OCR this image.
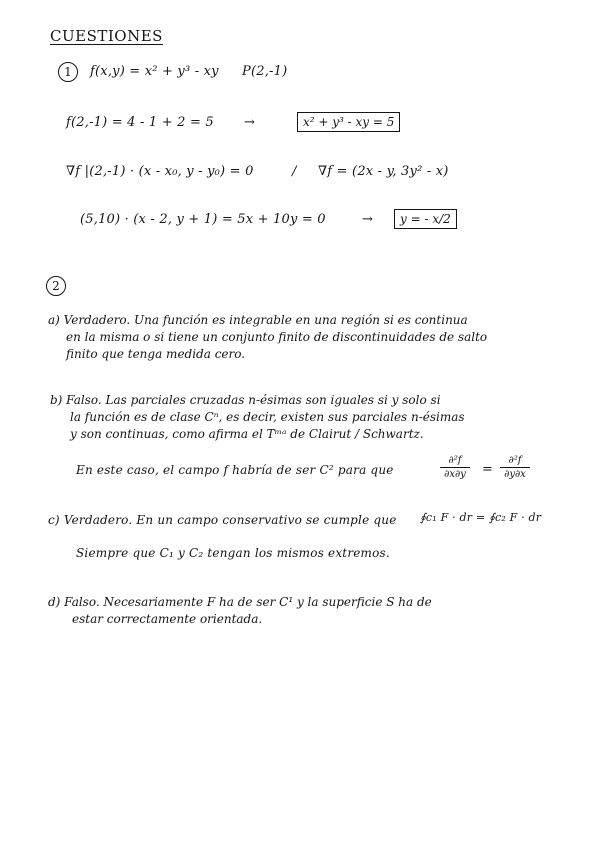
CUESTIONES
1	f(x,y) = x² + y³ - xy P(2,-1)
f(2,-1) = 4 - 1 + 2 = 5 →	x² + y³ - xy = 5
∇f |(2,-1) · (x - x₀, y - y₀) = 0	/ ∇f = (2x - y, 3y² - x)
(5,10) · (x - 2, y + 1) = 5x + 10y = 0	→	y = - x/2
2
a) Verdadero. Una función es integrable en una región si es continua
en la misma o si tiene un conjunto finito de discontinuidades de salto
finito que tenga medida cero.
b) Falso. Las parciales cruzadas n-ésimas son iguales si y solo si
la función es de clase Cⁿ, es decir, existen sus parciales n-ésimas
y son continuas, como afirma el Tᵐᵃ de Clairut / Schwartz.
En este caso, el campo f habría de ser C² para que
∂²f
∂x∂y	=
∂²f
∂y∂x
c) Verdadero. En un campo conservativo se cumple que ∮c₁ F · dr = ∮c₂ F · dr
Siempre que C₁ y C₂ tengan los mismos extremos.
d) Falso. Necesariamente F ha de ser C¹ y la superficie S ha de
estar correctamente orientada.
